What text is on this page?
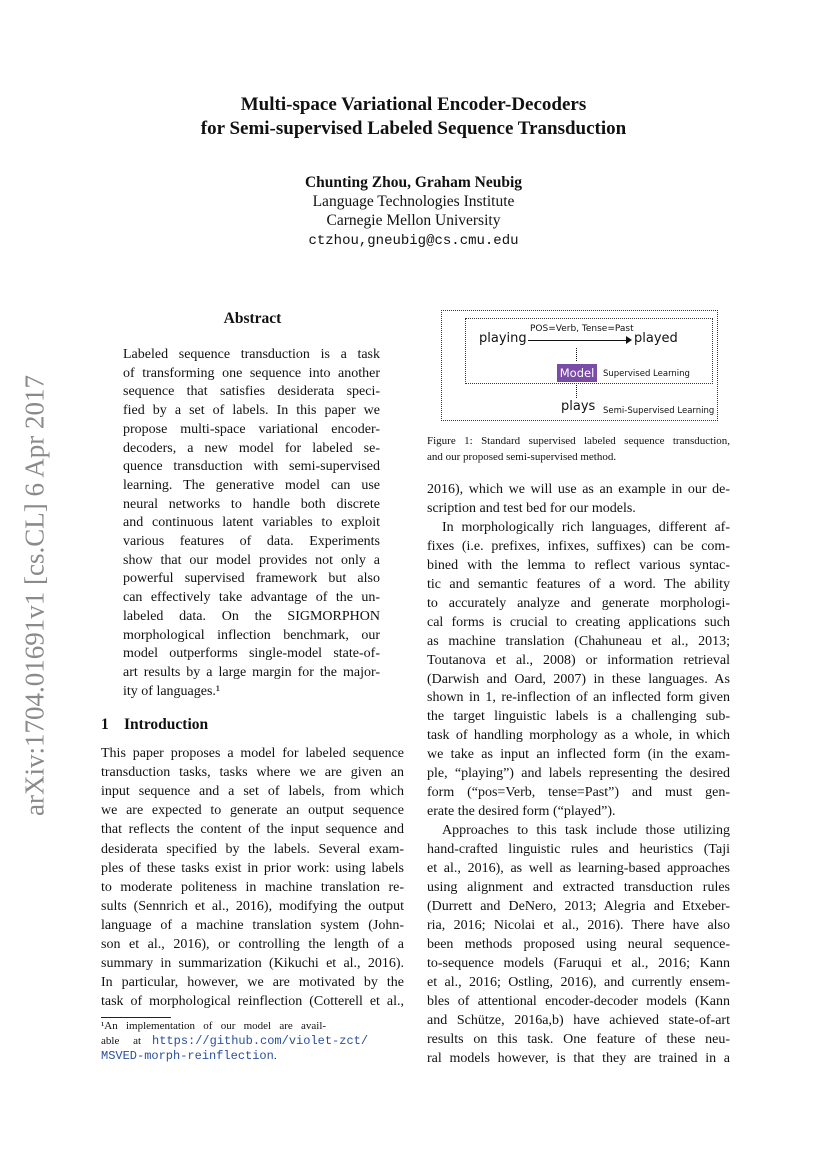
arXiv:1704.01691v1 [cs.CL] 6 Apr 2017
Multi-space Variational Encoder-Decoders
for Semi-supervised Labeled Sequence Transduction
Chunting Zhou, Graham Neubig
Language Technologies Institute
Carnegie Mellon University
ctzhou,gneubig@cs.cmu.edu
Abstract
Labeled sequence transduction is a task
of transforming one sequence into another
sequence that satisfies desiderata speci-
fied by a set of labels. In this paper we
propose multi-space variational encoder-
decoders, a new model for labeled se-
quence transduction with semi-supervised
learning. The generative model can use
neural networks to handle both discrete
and continuous latent variables to exploit
various features of data. Experiments
show that our model provides not only a
powerful supervised framework but also
can effectively take advantage of the un-
labeled data. On the SIGMORPHON
morphological inflection benchmark, our
model outperforms single-model state-of-
art results by a large margin for the major-
ity of languages.¹
1 Introduction
This paper proposes a model for labeled sequence
transduction tasks, tasks where we are given an
input sequence and a set of labels, from which
we are expected to generate an output sequence
that reflects the content of the input sequence and
desiderata specified by the labels. Several exam-
ples of these tasks exist in prior work: using labels
to moderate politeness in machine translation re-
sults (Sennrich et al., 2016), modifying the output
language of a machine translation system (John-
son et al., 2016), or controlling the length of a
summary in summarization (Kikuchi et al., 2016).
In particular, however, we are motivated by the
task of morphological reinflection (Cotterell et al.,
¹An   implementation   of   our   model   are   avail-
able     at https://github.com/violet-zct/
MSVED-morph-reinflection.
playing
POS=Verb, Tense=Past
played
Model	Supervised Learning
plays Semi-Supervised Learning
Figure 1: Standard supervised labeled sequence transduction,
and our proposed semi-supervised method.
2016), which we will use as an example in our de-
scription and test bed for our models.
In morphologically rich languages, different af-
fixes (i.e. prefixes, infixes, suffixes) can be com-
bined with the lemma to reflect various syntac-
tic and semantic features of a word. The ability
to accurately analyze and generate morphologi-
cal forms is crucial to creating applications such
as machine translation (Chahuneau et al., 2013;
Toutanova et al., 2008) or information retrieval
(Darwish and Oard, 2007) in these languages. As
shown in 1, re-inflection of an inflected form given
the target linguistic labels is a challenging sub-
task of handling morphology as a whole, in which
we take as input an inflected form (in the exam-
ple, “playing”) and labels representing the desired
form (“pos=Verb, tense=Past”) and must gen-
erate the desired form (“played”).
Approaches to this task include those utilizing
hand-crafted linguistic rules and heuristics (Taji
et al., 2016), as well as learning-based approaches
using alignment and extracted transduction rules
(Durrett and DeNero, 2013; Alegria and Etxeber-
ria, 2016; Nicolai et al., 2016). There have also
been methods proposed using neural sequence-
to-sequence models (Faruqui et al., 2016; Kann
et al., 2016; Ostling, 2016), and currently ensem-
bles of attentional encoder-decoder models (Kann
and Schütze, 2016a,b) have achieved state-of-art
results on this task. One feature of these neu-
ral models however, is that they are trained in a
